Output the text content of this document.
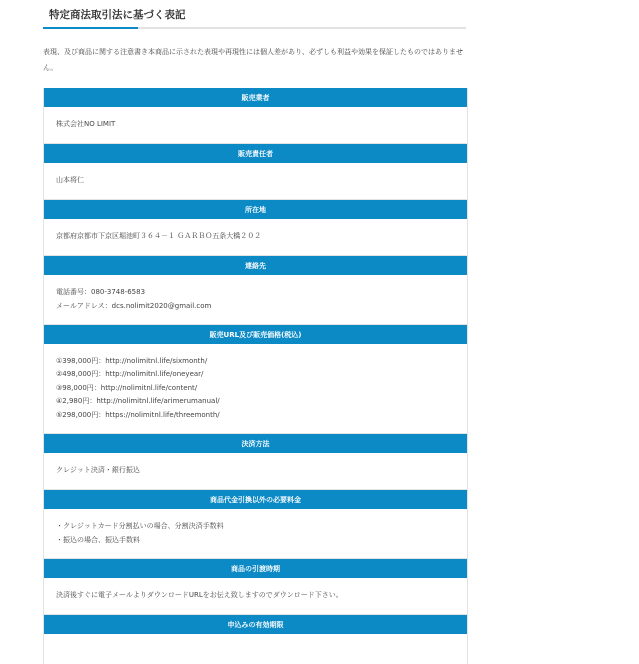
特定商法取引法に基づく表記
表現、及び商品に関する注意書き本商品に示された表現や再現性には個人差があり、必ずしも利益や効果を保証したものではありません。
販売業者
株式会社NO LIMIT
販売責任者
山本将仁
所在地
京都府京都市下京区堀池町３６４－１ ＧＡＲＢＯ五条大橋２０２
連絡先
電話番号：080-3748-6583
メールアドレス：dcs.nolimit2020@gmail.com
販売URL及び販売価格(税込)
①398,000円：http://nolimitnl.life/sixmonth/
②498,000円：http://nolimitnl.life/oneyear/
③98,000円：http://nolimitnl.life/content/
④2,980円：http://nolimitnl.life/arimerumanual/
⑤298,000円：https://nolimitnl.life/threemonth/
決済方法
クレジット決済・銀行振込
商品代金引換以外の必要料金
・クレジットカード分割払いの場合、分割決済手数料
・振込の場合、振込手数料
商品の引渡時期
決済後すぐに電子メールよりダウンロードURLをお伝え致しますのでダウンロード下さい。
申込みの有効期限
